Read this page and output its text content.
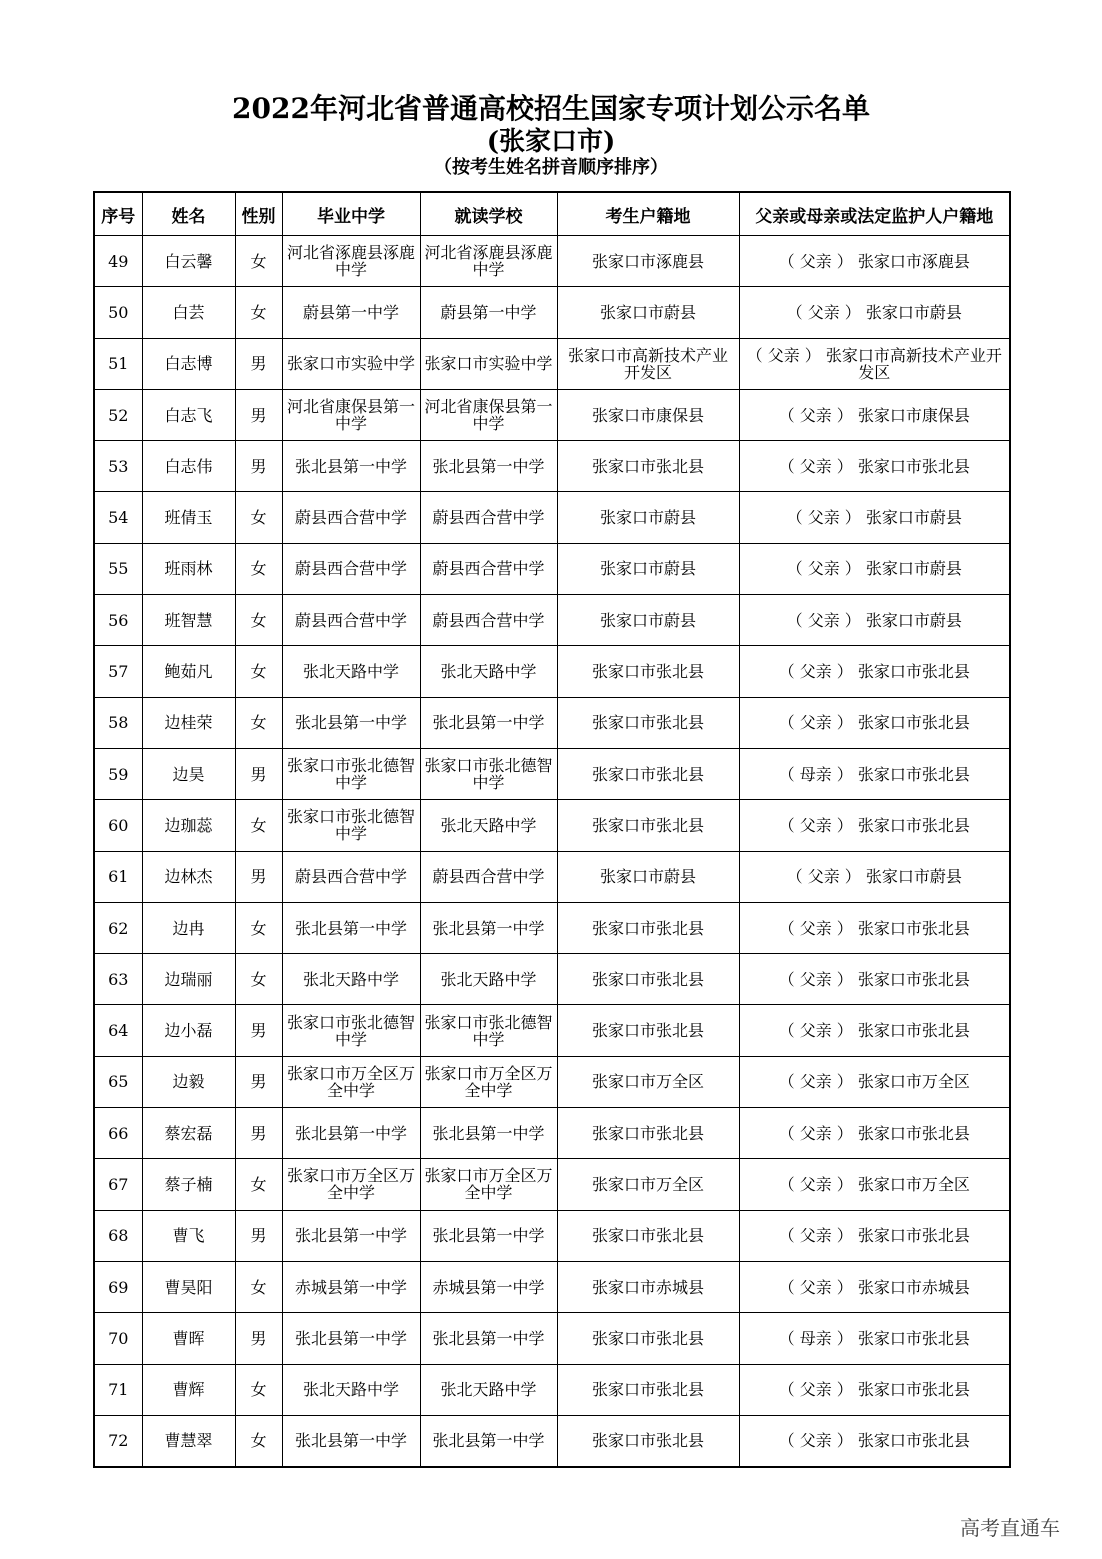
2022年河北省普通高校招生国家专项计划公示名单
(张家口市)
（按考生姓名拼音顺序排序）
序号	姓名	性别	毕业中学	就读学校	考生户籍地	父亲或母亲或法定监护人户籍地
49	白云馨	女	河北省涿鹿县涿鹿中学	河北省涿鹿县涿鹿中学	张家口市涿鹿县	（ 父亲 ） 张家口市涿鹿县
50	白芸	女	蔚县第一中学	蔚县第一中学	张家口市蔚县	（ 父亲 ） 张家口市蔚县
51	白志博	男	张家口市实验中学	张家口市实验中学	张家口市高新技术产业开发区	（ 父亲 ） 张家口市高新技术产业开发区
52	白志飞	男	河北省康保县第一中学	河北省康保县第一中学	张家口市康保县	（ 父亲 ） 张家口市康保县
53	白志伟	男	张北县第一中学	张北县第一中学	张家口市张北县	（ 父亲 ） 张家口市张北县
54	班倩玉	女	蔚县西合营中学	蔚县西合营中学	张家口市蔚县	（ 父亲 ） 张家口市蔚县
55	班雨林	女	蔚县西合营中学	蔚县西合营中学	张家口市蔚县	（ 父亲 ） 张家口市蔚县
56	班智慧	女	蔚县西合营中学	蔚县西合营中学	张家口市蔚县	（ 父亲 ） 张家口市蔚县
57	鲍茹凡	女	张北天路中学	张北天路中学	张家口市张北县	（ 父亲 ） 张家口市张北县
58	边桂荣	女	张北县第一中学	张北县第一中学	张家口市张北县	（ 父亲 ） 张家口市张北县
59	边昊	男	张家口市张北德智中学	张家口市张北德智中学	张家口市张北县	（ 母亲 ） 张家口市张北县
60	边珈蕊	女	张家口市张北德智中学	张北天路中学	张家口市张北县	（ 父亲 ） 张家口市张北县
61	边林杰	男	蔚县西合营中学	蔚县西合营中学	张家口市蔚县	（ 父亲 ） 张家口市蔚县
62	边冉	女	张北县第一中学	张北县第一中学	张家口市张北县	（ 父亲 ） 张家口市张北县
63	边瑞丽	女	张北天路中学	张北天路中学	张家口市张北县	（ 父亲 ） 张家口市张北县
64	边小磊	男	张家口市张北德智中学	张家口市张北德智中学	张家口市张北县	（ 父亲 ） 张家口市张北县
65	边毅	男	张家口市万全区万全中学	张家口市万全区万全中学	张家口市万全区	（ 父亲 ） 张家口市万全区
66	蔡宏磊	男	张北县第一中学	张北县第一中学	张家口市张北县	（ 父亲 ） 张家口市张北县
67	蔡子楠	女	张家口市万全区万全中学	张家口市万全区万全中学	张家口市万全区	（ 父亲 ） 张家口市万全区
68	曹飞	男	张北县第一中学	张北县第一中学	张家口市张北县	（ 父亲 ） 张家口市张北县
69	曹昊阳	女	赤城县第一中学	赤城县第一中学	张家口市赤城县	（ 父亲 ） 张家口市赤城县
70	曹晖	男	张北县第一中学	张北县第一中学	张家口市张北县	（ 母亲 ） 张家口市张北县
71	曹辉	女	张北天路中学	张北天路中学	张家口市张北县	（ 父亲 ） 张家口市张北县
72	曹慧翠	女	张北县第一中学	张北县第一中学	张家口市张北县	（ 父亲 ） 张家口市张北县
高考直通车
